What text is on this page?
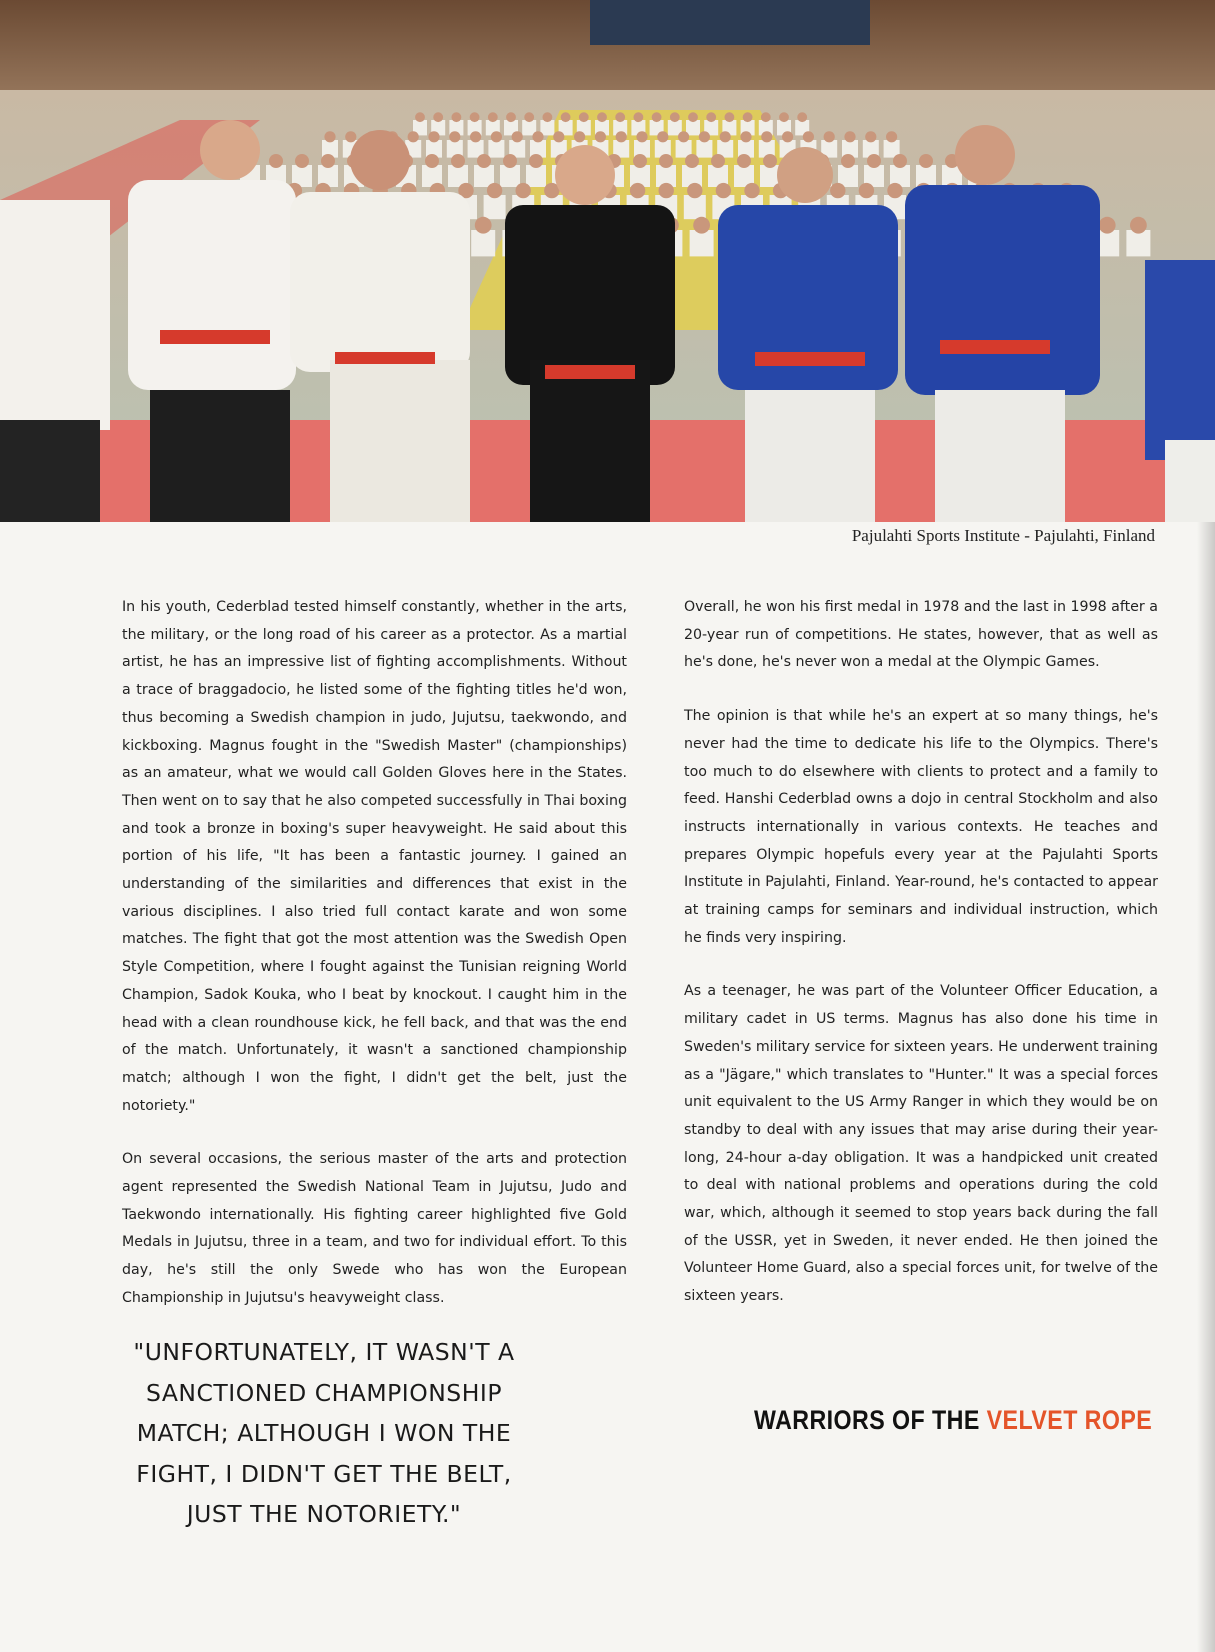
Pajulahti Sports Institute - Pajulahti, Finland

In his youth, Cederblad tested himself constantly, whether in the arts, the military, or the long road of his career as a protector. As a martial artist, he has an impressive list of fighting accomplishments. Without a trace of braggadocio, he listed some of the fighting titles he'd won, thus becoming a Swedish champion in judo, Jujutsu, taekwondo, and kickboxing. Magnus fought in the "Swedish Master" (championships) as an amateur, what we would call Golden Gloves here in the States. Then went on to say that he also competed successfully in Thai boxing and took a bronze in boxing's super heavyweight. He said about this portion of his life, "It has been a fantastic journey. I gained an understanding of the similarities and differences that exist in the various disciplines. I also tried full contact karate and won some matches. The fight that got the most attention was the Swedish Open Style Competition, where I fought against the Tunisian reigning World Champion, Sadok Kouka, who I beat by knockout. I caught him in the head with a clean roundhouse kick, he fell back, and that was the end of the match. Unfortunately, it wasn't a sanctioned championship match; although I won the fight, I didn't get the belt, just the notoriety."

On several occasions, the serious master of the arts and protection agent represented the Swedish National Team in Jujutsu, Judo and Taekwondo internationally. His fighting career highlighted five Gold Medals in Jujutsu, three in a team, and two for individual effort. To this day, he's still the only Swede who has won the European Championship in Jujutsu's heavyweight class.

Overall, he won his first medal in 1978 and the last in 1998 after a 20-year run of competitions. He states, however, that as well as he's done, he's never won a medal at the Olympic Games.

The opinion is that while he's an expert at so many things, he's never had the time to dedicate his life to the Olympics. There's too much to do elsewhere with clients to protect and a family to feed. Hanshi Cederblad owns a dojo in central Stockholm and also instructs internationally in various contexts. He teaches and prepares Olympic hopefuls every year at the Pajulahti Sports Institute in Pajulahti, Finland. Year-round, he's contacted to appear at training camps for seminars and individual instruction, which he finds very inspiring.

As a teenager, he was part of the Volunteer Officer Education, a military cadet in US terms. Magnus has also done his time in Sweden's military service for sixteen years. He underwent training as a "Jägare," which translates to "Hunter." It was a special forces unit equivalent to the US Army Ranger in which they would be on standby to deal with any issues that may arise during their year-long, 24-hour a-day obligation. It was a handpicked unit created to deal with national problems and operations during the cold war, which, although it seemed to stop years back during the fall of the USSR, yet in Sweden, it never ended. He then joined the Volunteer Home Guard, also a special forces unit, for twelve of the sixteen years.

"UNFORTUNATELY, IT WASN'T A SANCTIONED CHAMPIONSHIP MATCH; ALTHOUGH I WON THE FIGHT, I DIDN'T GET THE BELT, JUST THE NOTORIETY."
WARRIORS OF THE VELVET ROPE
